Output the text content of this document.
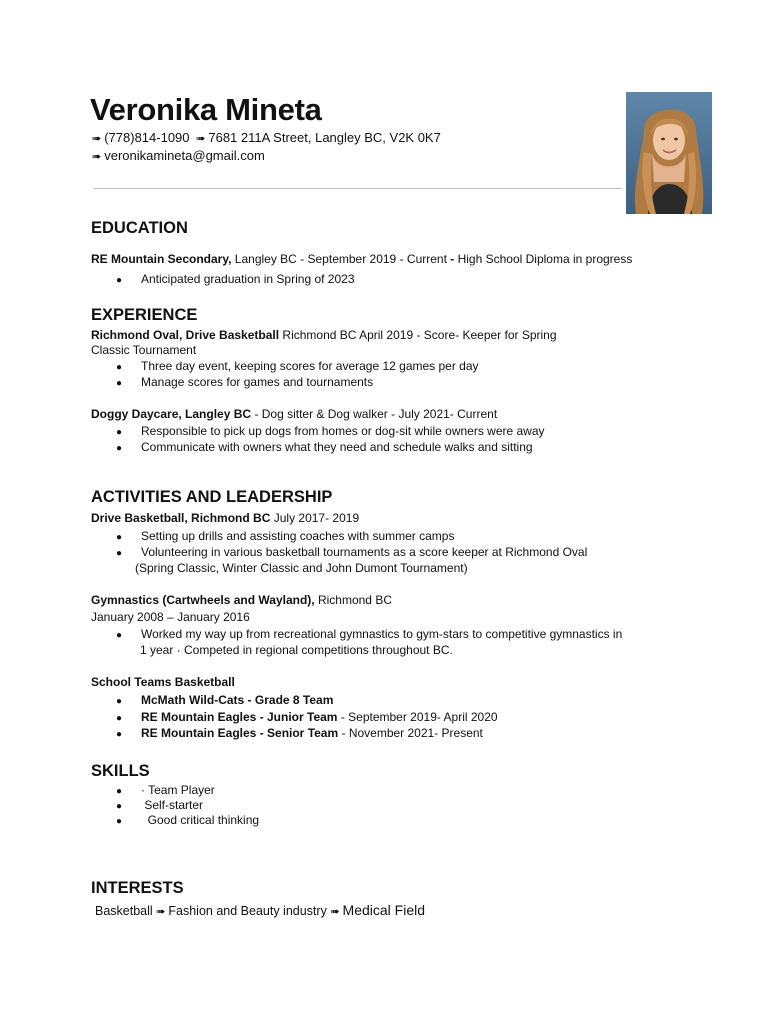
Veronika Mineta
➠ (778)814-1090 ➠ 7681 211A Street, Langley BC, V2K 0K7
➠ veronikamineta@gmail.com
EDUCATION
RE Mountain Secondary, Langley BC - September 2019 - Current - High School Diploma in progress
● Anticipated graduation in Spring of 2023
EXPERIENCE
Richmond Oval, Drive Basketball Richmond BC April 2019 - Score- Keeper for Spring
Classic Tournament
● Three day event, keeping scores for average 12 games per day
● Manage scores for games and tournaments
Doggy Daycare, Langley BC - Dog sitter & Dog walker - July 2021- Current
● Responsible to pick up dogs from homes or dog-sit while owners were away
● Communicate with owners what they need and schedule walks and sitting
ACTIVITIES AND LEADERSHIP
Drive Basketball, Richmond BC July 2017- 2019
● Setting up drills and assisting coaches with summer camps
● Volunteering in various basketball tournaments as a score keeper at Richmond Oval
(Spring Classic, Winter Classic and John Dumont Tournament)
Gymnastics (Cartwheels and Wayland), Richmond BC
January 2008 – January 2016
● Worked my way up from recreational gymnastics to gym-stars to competitive gymnastics in
1 year · Competed in regional competitions throughout BC.
School Teams Basketball
● McMath Wild-Cats - Grade 8 Team
● RE Mountain Eagles - Junior Team - September 2019- April 2020
● RE Mountain Eagles - Senior Team - November 2021- Present
SKILLS
● · Team Player
● Self-starter
●  Good critical thinking
INTERESTS
Basketball ➠ Fashion and Beauty industry ➠ Medical Field
